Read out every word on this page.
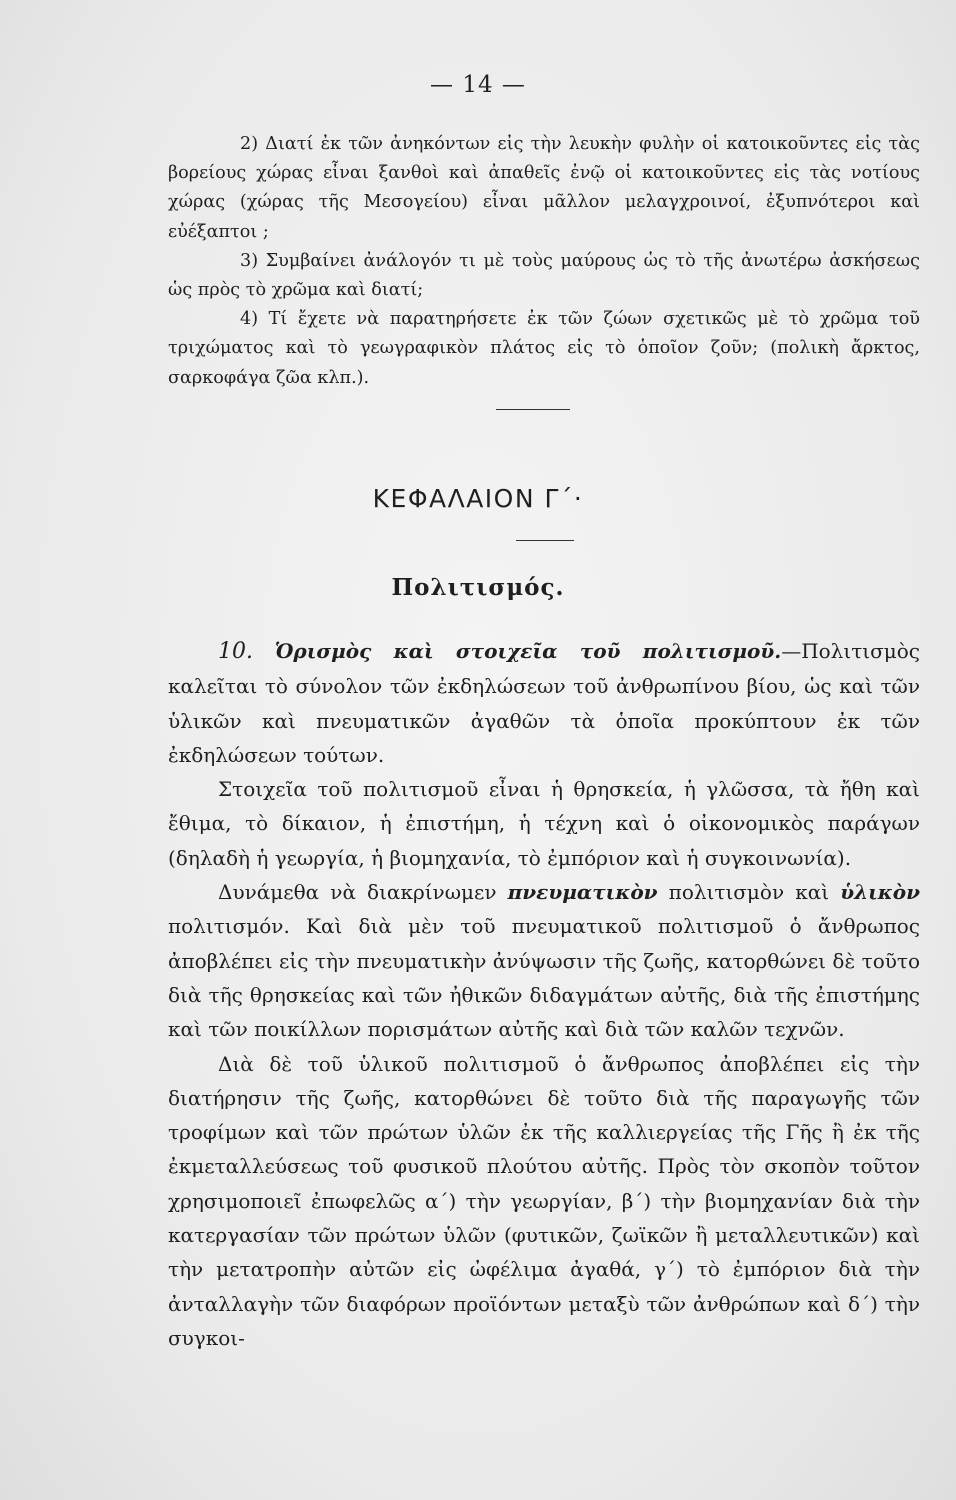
— 14 —

2) Διατί ἐκ τῶν ἀνηκόντων εἰς τὴν λευκὴν φυλὴν οἱ κατοικοῦντες εἰς τὰς βορείους χώρας εἶναι ξανθοὶ καὶ ἀπαθεῖς ἐνῷ οἱ κατοικοῦντες εἰς τὰς νοτίους χώρας (χώρας τῆς Μεσογείου) εἶναι μᾶλλον μελαγχροινοί, ἐξυπνότεροι καὶ εὐέξαπτοι ;

3) Συμβαίνει ἀνάλογόν τι μὲ τοὺς μαύρους ὡς τὸ τῆς ἀνωτέρω ἀσκήσεως ὡς πρὸς τὸ χρῶμα καὶ διατί;

4) Τί ἔχετε νὰ παρατηρήσετε ἐκ τῶν ζώων σχετικῶς μὲ τὸ χρῶμα τοῦ τριχώματος καὶ τὸ γεωγραφικὸν πλάτος εἰς τὸ ὁποῖον ζοῦν; (πολικὴ ἄρκτος, σαρκοφάγα ζῶα κλπ.).

ΚΕΦΑΛΑΙΟΝ Γ΄·
Πολιτισμός.

10. Ὁρισμὸς καὶ στοιχεῖα τοῦ πολιτισμοῦ.—Πολιτισμὸς καλεῖται τὸ σύνολον τῶν ἐκδηλώσεων τοῦ ἀνθρωπίνου βίου, ὡς καὶ τῶν ὑλικῶν καὶ πνευματικῶν ἀγαθῶν τὰ ὁποῖα προκύπτουν ἐκ τῶν ἐκδηλώσεων τούτων.

Στοιχεῖα τοῦ πολιτισμοῦ εἶναι ἡ θρησκεία, ἡ γλῶσσα, τὰ ἤθη καὶ ἔθιμα, τὸ δίκαιον, ἡ ἐπιστήμη, ἡ τέχνη καὶ ὁ οἰκονομικὸς παράγων (δηλαδὴ ἡ γεωργία, ἡ βιομηχανία, τὸ ἐμπόριον καὶ ἡ συγκοινωνία).

Δυνάμεθα νὰ διακρίνωμεν πνευματικὸν πολιτισμὸν καὶ ὑλικὸν πολιτισμόν. Καὶ διὰ μὲν τοῦ πνευματικοῦ πολιτισμοῦ ὁ ἄνθρωπος ἀποβλέπει εἰς τὴν πνευματικὴν ἀνύψωσιν τῆς ζωῆς, κατορθώνει δὲ τοῦτο διὰ τῆς θρησκείας καὶ τῶν ἠθικῶν διδαγμάτων αὐτῆς, διὰ τῆς ἐπιστήμης καὶ τῶν ποικίλλων πορισμάτων αὐτῆς καὶ διὰ τῶν καλῶν τεχνῶν.

Διὰ δὲ τοῦ ὑλικοῦ πολιτισμοῦ ὁ ἄνθρωπος ἀποβλέπει εἰς τὴν διατήρησιν τῆς ζωῆς, κατορθώνει δὲ τοῦτο διὰ τῆς παραγωγῆς τῶν τροφίμων καὶ τῶν πρώτων ὑλῶν ἐκ τῆς καλλιεργείας τῆς Γῆς ἢ ἐκ τῆς ἐκμεταλλεύσεως τοῦ φυσικοῦ πλούτου αὐτῆς. Πρὸς τὸν σκοπὸν τοῦτον χρησιμοποιεῖ ἐπωφελῶς α΄) τὴν γεωργίαν, β΄) τὴν βιομηχανίαν διὰ τὴν κατεργασίαν τῶν πρώτων ὑλῶν (φυτικῶν, ζωϊκῶν ἢ μεταλλευτικῶν) καὶ τὴν μετατροπὴν αὐτῶν εἰς ὠφέλιμα ἀγαθά, γ΄) τὸ ἐμπόριον διὰ τὴν ἀνταλλαγὴν τῶν διαφόρων προϊόντων μεταξὺ τῶν ἀνθρώπων καὶ δ΄) τὴν συγκοι-
